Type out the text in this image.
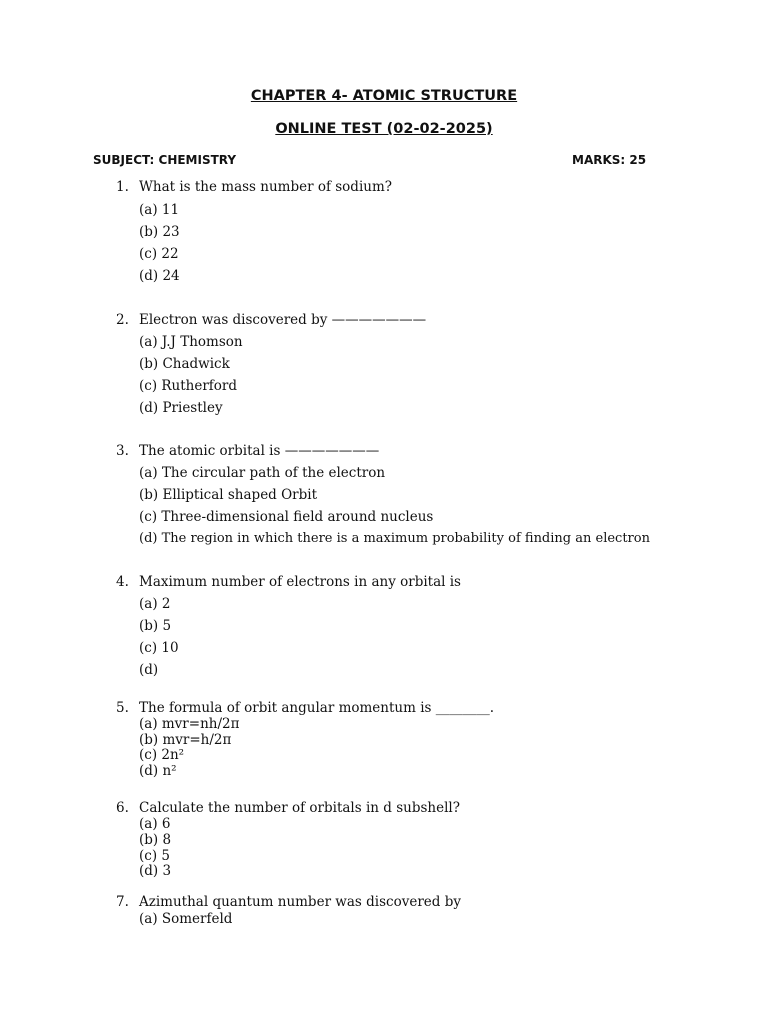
CHAPTER 4- ATOMIC STRUCTURE
ONLINE TEST (02-02-2025)
SUBJECT: CHEMISTRY	MARKS: 25
1. What is the mass number of sodium?
(a) 11
(b) 23
(c) 22
(d) 24
2. Electron was discovered by ———————
(a) J.J Thomson
(b) Chadwick
(c) Rutherford
(d) Priestley
3. The atomic orbital is ———————
(a) The circular path of the electron
(b) Elliptical shaped Orbit
(c) Three-dimensional field around nucleus
(d) The region in which there is a maximum probability of finding an electron
4. Maximum number of electrons in any orbital is
(a) 2
(b) 5
(c) 10
(d)
5. The formula of orbit angular momentum is ________.
(a) mvr=nh/2π
(b) mvr=h/2π
(c) 2n²
(d) n²
6. Calculate the number of orbitals in d subshell?
(a) 6
(b) 8
(c) 5
(d) 3
7. Azimuthal quantum number was discovered by
(a) Somerfeld
